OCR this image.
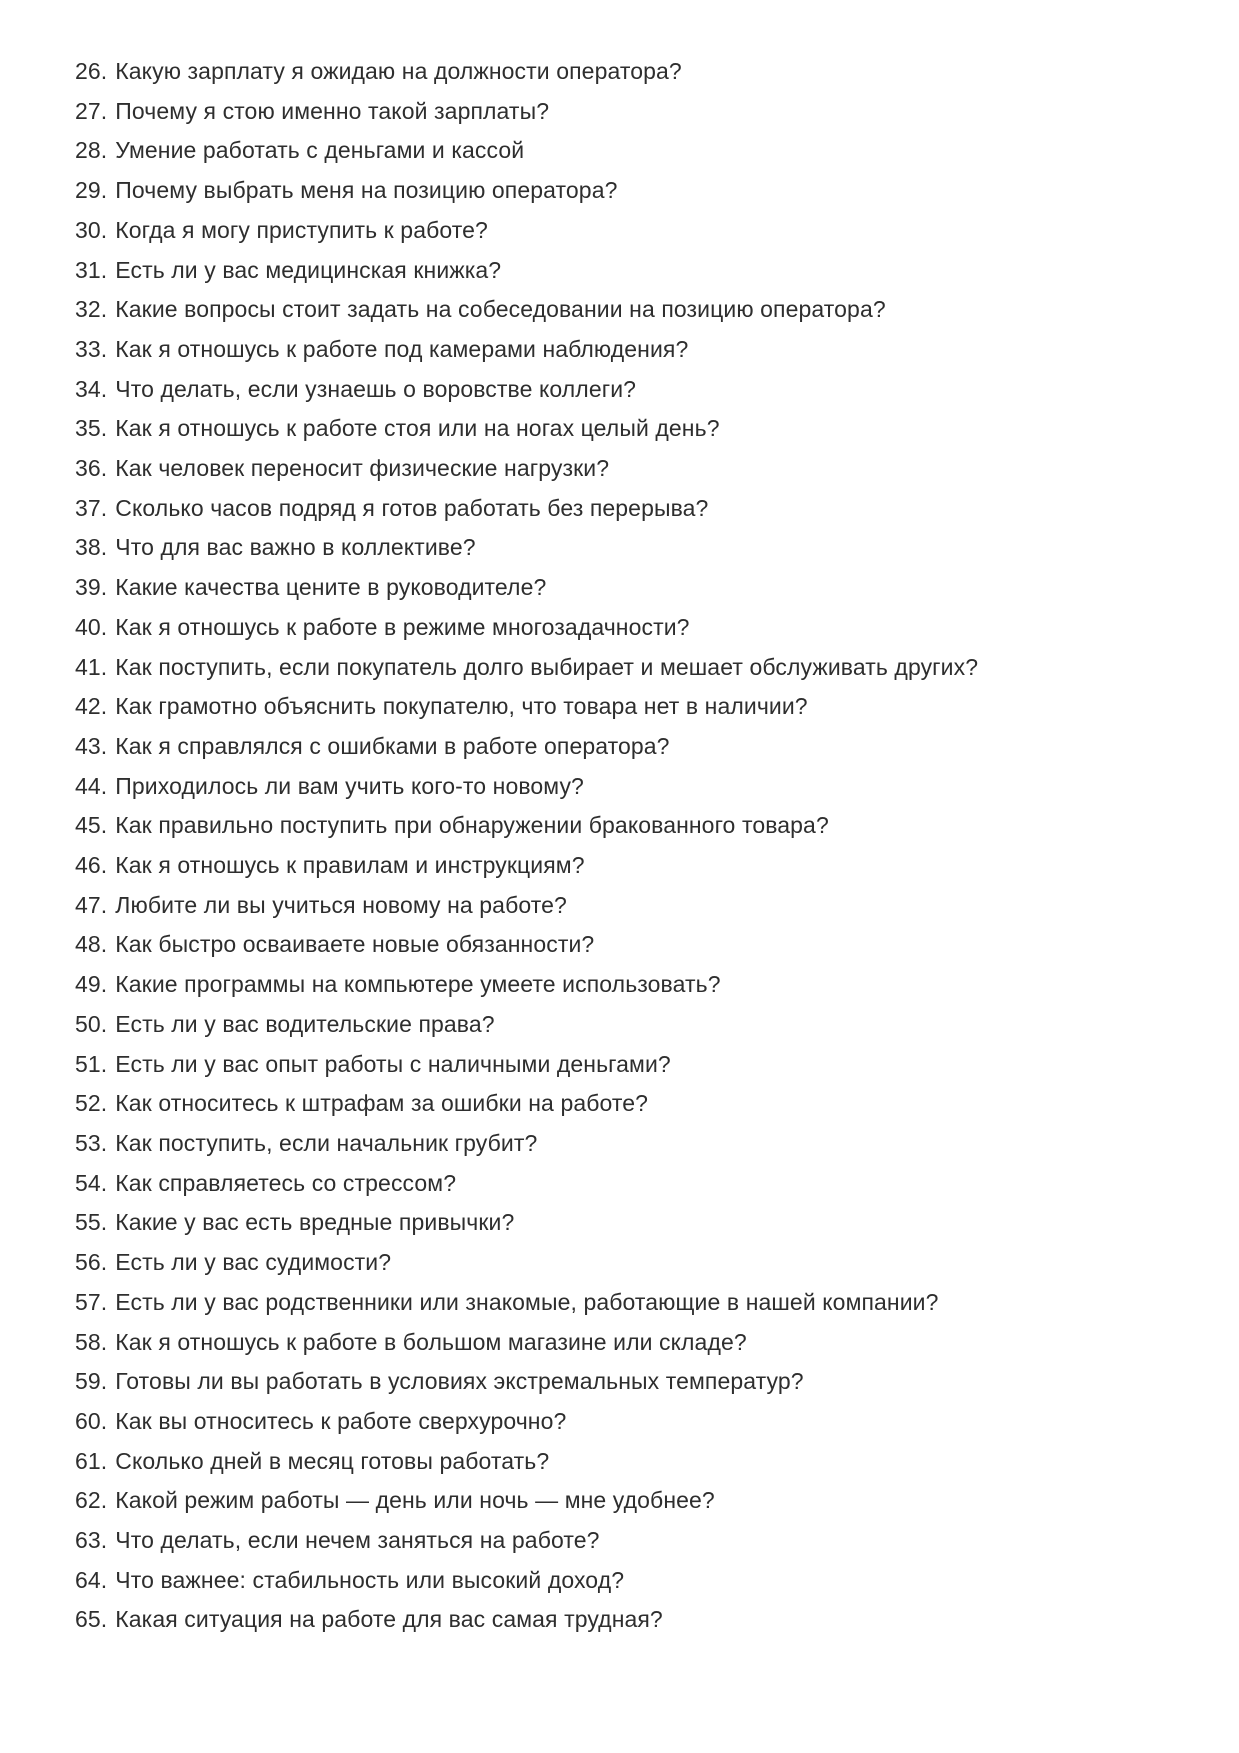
26. Какую зарплату я ожидаю на должности оператора?
27. Почему я стою именно такой зарплаты?
28. Умение работать с деньгами и кассой
29. Почему выбрать меня на позицию оператора?
30. Когда я могу приступить к работе?
31. Есть ли у вас медицинская книжка?
32. Какие вопросы стоит задать на собеседовании на позицию оператора?
33. Как я отношусь к работе под камерами наблюдения?
34. Что делать, если узнаешь о воровстве коллеги?
35. Как я отношусь к работе стоя или на ногах целый день?
36. Как человек переносит физические нагрузки?
37. Сколько часов подряд я готов работать без перерыва?
38. Что для вас важно в коллективе?
39. Какие качества цените в руководителе?
40. Как я отношусь к работе в режиме многозадачности?
41. Как поступить, если покупатель долго выбирает и мешает обслуживать других?
42. Как грамотно объяснить покупателю, что товара нет в наличии?
43. Как я справлялся с ошибками в работе оператора?
44. Приходилось ли вам учить кого-то новому?
45. Как правильно поступить при обнаружении бракованного товара?
46. Как я отношусь к правилам и инструкциям?
47. Любите ли вы учиться новому на работе?
48. Как быстро осваиваете новые обязанности?
49. Какие программы на компьютере умеете использовать?
50. Есть ли у вас водительские права?
51. Есть ли у вас опыт работы с наличными деньгами?
52. Как относитесь к штрафам за ошибки на работе?
53. Как поступить, если начальник грубит?
54. Как справляетесь со стрессом?
55. Какие у вас есть вредные привычки?
56. Есть ли у вас судимости?
57. Есть ли у вас родственники или знакомые, работающие в нашей компании?
58. Как я отношусь к работе в большом магазине или складе?
59. Готовы ли вы работать в условиях экстремальных температур?
60. Как вы относитесь к работе сверхурочно?
61. Сколько дней в месяц готовы работать?
62. Какой режим работы — день или ночь — мне удобнее?
63. Что делать, если нечем заняться на работе?
64. Что важнее: стабильность или высокий доход?
65. Какая ситуация на работе для вас самая трудная?
